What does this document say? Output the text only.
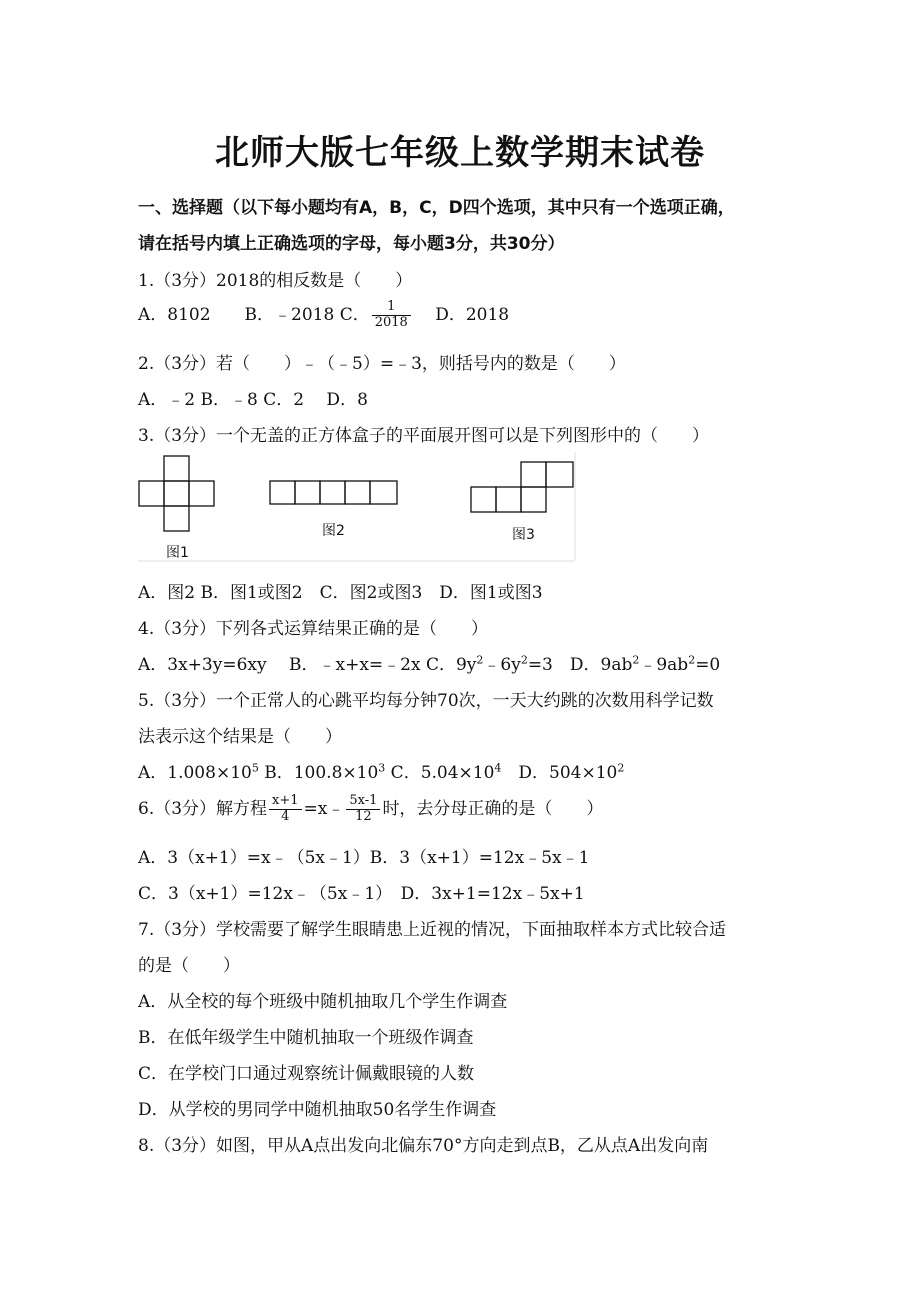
北师大版七年级上数学期末试卷
一、选择题（以下每小题均有A，B，C，D四个选项，其中只有一个选项正确，
请在括号内填上正确选项的字母，每小题3分，共30分）
1.（3分）2018的相反数是（　　）
A．8102　　B．﹣2018 C． $\frac{1}{2018}$ 　 D．2018
2.（3分）若（　　）﹣（﹣5）=﹣3，则括号内的数是（　　）
A．﹣2 B．﹣8 C．2　 D．8
3.（3分）一个无盖的正方体盒子的平面展开图可以是下列图形中的（　　）
图1
图2	图3
A．图2 B．图1或图2　C．图2或图3　D．图1或图3
4.（3分）下列各式运算结果正确的是（　　）
A．3x+3y=6xy　 B．﹣x+x=﹣2x C．$9y^2﹣6y^2=3$　D．$9ab^2﹣9ab^2=0$
5.（3分）一个正常人的心跳平均每分钟70次，一天大约跳的次数用科学记数
法表示这个结果是（　　）
A．$1.008\times 10^5$ B．$100.8\times 10^3$ C．$5.04\times 10^4$　D．$504\times 10^2$
6.（3分）解方程 $\frac{x+1}{4}$ =x﹣ $\frac{5x-1}{12}$ 时，去分母正确的是（　　）
A．3（x+1）=x﹣（5x﹣1）B．3（x+1）=12x﹣5x﹣1
C．3（x+1）=12x﹣（5x﹣1）　D．3x+1=12x﹣5x+1
7.（3分）学校需要了解学生眼睛患上近视的情况，下面抽取样本方式比较合适
的是（　　）
A．从全校的每个班级中随机抽取几个学生作调查
B．在低年级学生中随机抽取一个班级作调查
C．在学校门口通过观察统计佩戴眼镜的人数
D．从学校的男同学中随机抽取50名学生作调查
8.（3分）如图，甲从A点出发向北偏东70°方向走到点B，乙从点A出发向南
